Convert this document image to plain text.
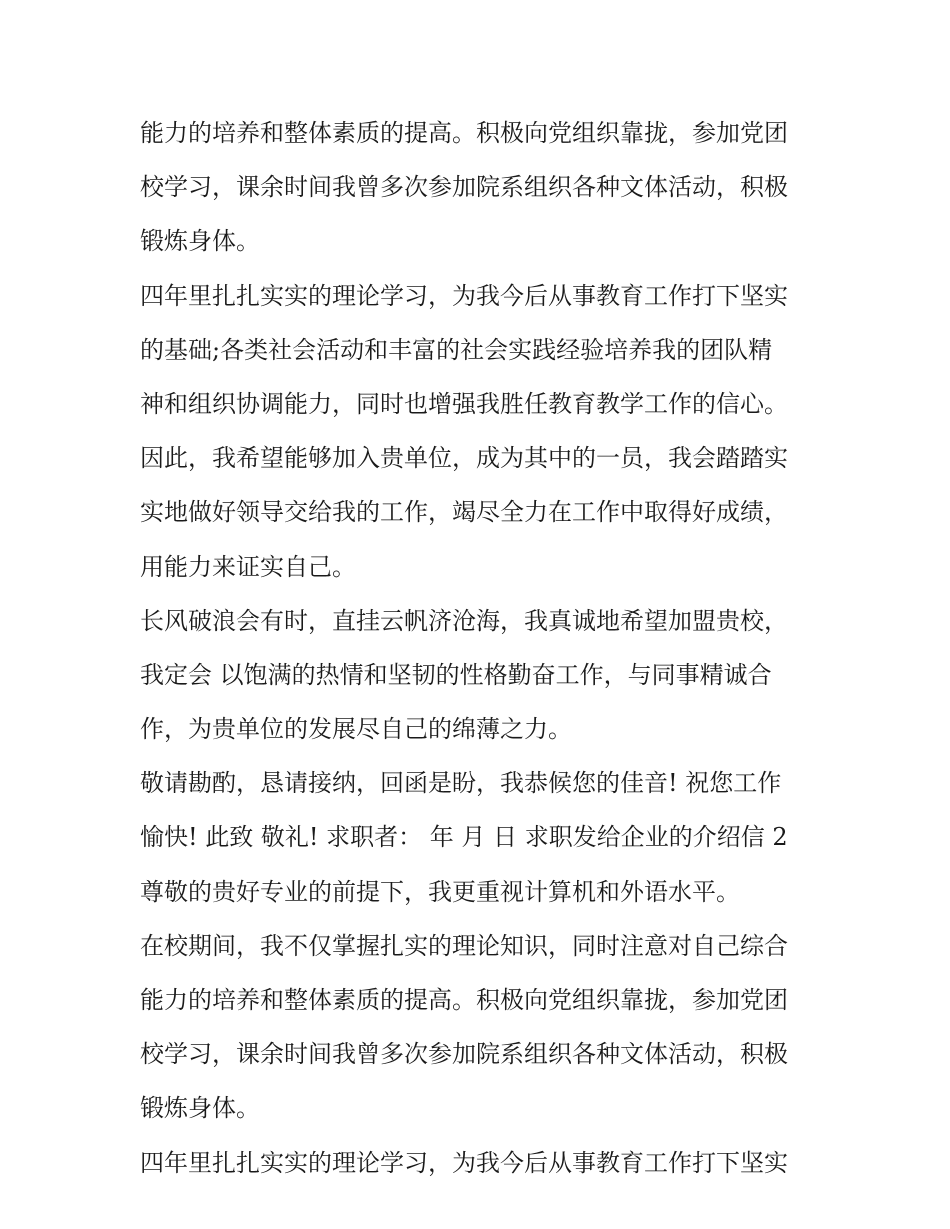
能力的培养和整体素质的提高。积极向党组织靠拢，参加党团
校学习，课余时间我曾多次参加院系组织各种文体活动，积极
锻炼身体。
四年里扎扎实实的理论学习，为我今后从事教育工作打下坚实
的基础;各类社会活动和丰富的社会实践经验培养我的团队精
神和组织协调能力，同时也增强我胜任教育教学工作的信心。
因此，我希望能够加入贵单位，成为其中的一员，我会踏踏实
实地做好领导交给我的工作，竭尽全力在工作中取得好成绩，
用能力来证实自己。
长风破浪会有时，直挂云帆济沧海，我真诚地希望加盟贵校，
我定会 以饱满的热情和坚韧的性格勤奋工作，与同事精诚合
作，为贵单位的发展尽自己的绵薄之力。
敬请勘酌，恳请接纳，回函是盼，我恭候您的佳音! 祝您工作
愉快! 此致 敬礼! 求职者： 年 月 日 求职发给企业的介绍信 2
尊敬的贵好专业的前提下，我更重视计算机和外语水平。
在校期间，我不仅掌握扎实的理论知识，同时注意对自己综合
能力的培养和整体素质的提高。积极向党组织靠拢，参加党团
校学习，课余时间我曾多次参加院系组织各种文体活动，积极
锻炼身体。
四年里扎扎实实的理论学习，为我今后从事教育工作打下坚实
